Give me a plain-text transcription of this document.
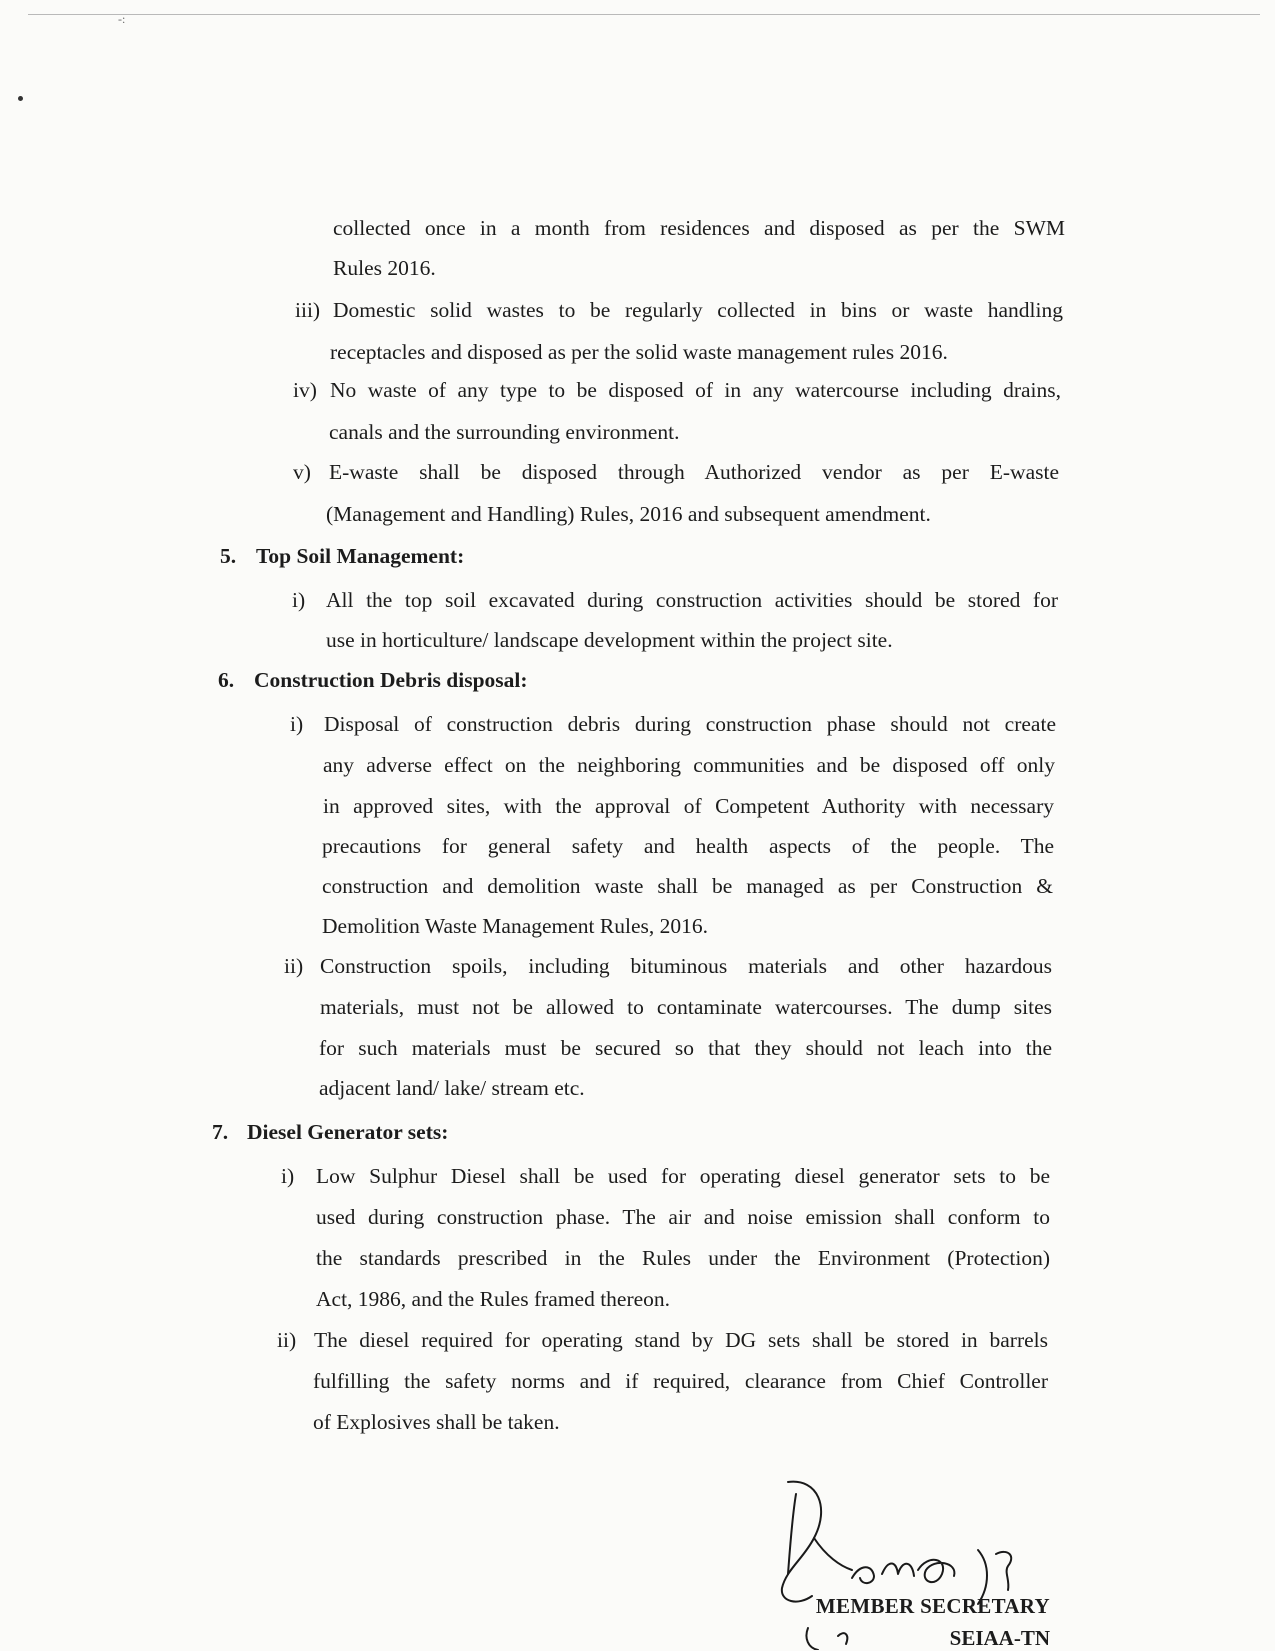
-:

collected once in a month from residences and disposed as per the SWM

Rules 2016.

iii) Domestic solid wastes to be regularly collected in bins or waste handling

receptacles and disposed as per the solid waste management rules 2016.

iv) No waste of any type to be disposed of in any watercourse including drains,

canals and the surrounding environment.

v) E-waste shall be disposed through Authorized vendor as per E-waste

(Management and Handling) Rules, 2016 and subsequent amendment.

5. Top Soil Management:
i) All the top soil excavated during construction activities should be stored for

use in horticulture/ landscape development within the project site.

6. Construction Debris disposal:
i) Disposal of construction debris during construction phase should not create

any adverse effect on the neighboring communities and be disposed off only

in approved sites, with the approval of Competent Authority with necessary

precautions for general safety and health aspects of the people. The

construction and demolition waste shall be managed as per Construction &

Demolition Waste Management Rules, 2016.

ii) Construction spoils, including bituminous materials and other hazardous

materials, must not be allowed to contaminate watercourses. The dump sites

for such materials must be secured so that they should not leach into the

adjacent land/ lake/ stream etc.

7. Diesel Generator sets:
i) Low Sulphur Diesel shall be used for operating diesel generator sets to be

used during construction phase. The air and noise emission shall conform to

the standards prescribed in the Rules under the Environment (Protection)

Act, 1986, and the Rules framed thereon.

ii) The diesel required for operating stand by DG sets shall be stored in barrels

fulfilling the safety norms and if required, clearance from Chief Controller

of Explosives shall be taken.

MEMBER SECRETARY
SEIAA-TN
